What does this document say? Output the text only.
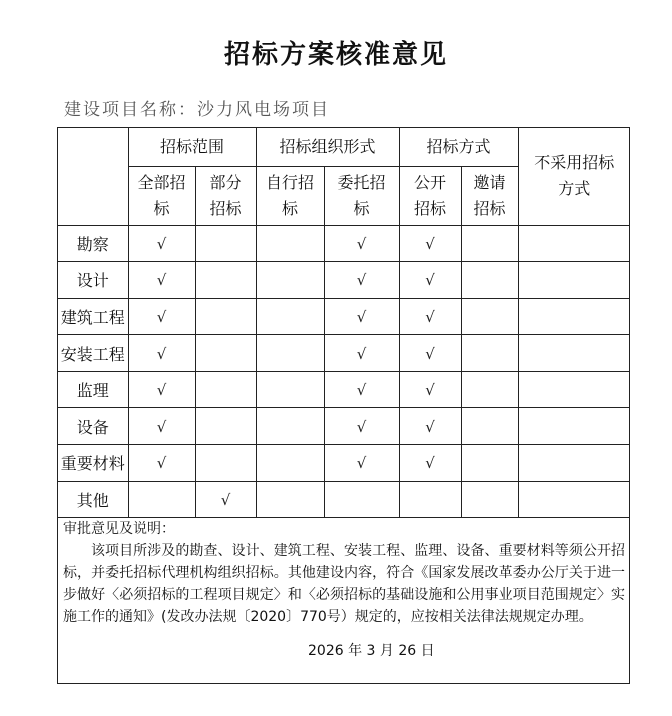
招标方案核准意见
建设项目名称：沙力风电场项目
	招标范围		招标组织形式		招标方式		不采用招标方式
	全部招标	部分招标	自行招标	委托招标	公开招标	邀请招标	
勘察	√			√	√		
设计	√			√	√		
建筑工程	√			√	√		
安装工程	√			√	√		
监理	√			√	√		
设备	√			√	√		
重要材料	√			√	√		
其他		√					
审批意见及说明：
该项目所涉及的勘查、设计、建筑工程、安装工程、监理、设备、重要材料等须公开招标，并委托招标代理机构组织招标。其他建设内容，符合《国家发展改革委办公厅关于进一步做好〈必须招标的工程项目规定〉和〈必须招标的基础设施和公用事业项目范围规定〉实施工作的通知》(发改办法规〔2020〕770号）规定的，应按相关法律法规规定办理。
2026 年 3 月 26 日
